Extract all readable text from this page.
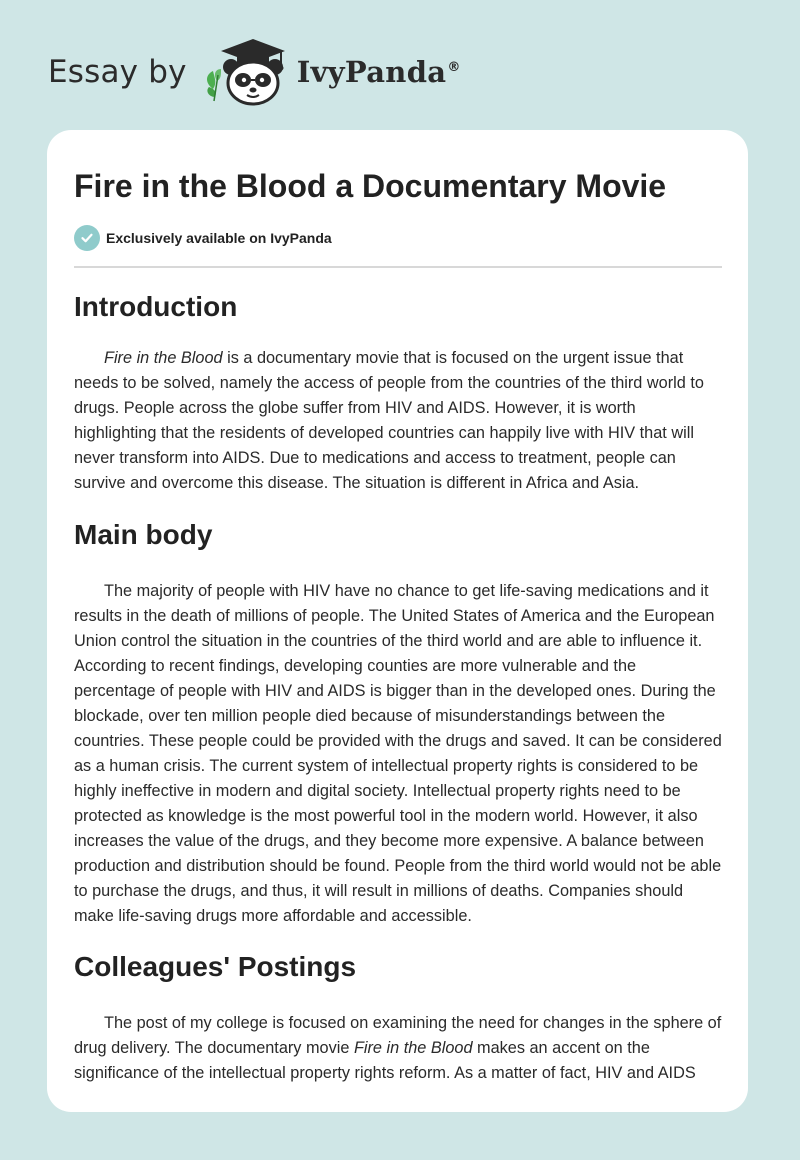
Essay by	IvyPanda®
Fire in the Blood a Documentary Movie
Exclusively available on IvyPanda
Introduction

Fire in the Blood is a documentary movie that is focused on the urgent issue that needs to be solved, namely the access of people from the countries of the third world to drugs. People across the globe suffer from HIV and AIDS. However, it is worth highlighting that the residents of developed countries can happily live with HIV that will never transform into AIDS. Due to medications and access to treatment, people can survive and overcome this disease. The situation is different in Africa and Asia.

Main body

The majority of people with HIV have no chance to get life-saving medications and it results in the death of millions of people. The United States of America and the European Union control the situation in the countries of the third world and are able to influence it. According to recent findings, developing counties are more vulnerable and the percentage of people with HIV and AIDS is bigger than in the developed ones. During the blockade, over ten million people died because of misunderstandings between the countries. These people could be provided with the drugs and saved. It can be considered as a human crisis. The current system of intellectual property rights is considered to be highly ineffective in modern and digital society. Intellectual property rights need to be protected as knowledge is the most powerful tool in the modern world. However, it also increases the value of the drugs, and they become more expensive. A balance between production and distribution should be found. People from the third world would not be able to purchase the drugs, and thus, it will result in millions of deaths. Companies should make life-saving drugs more affordable and accessible.

Colleagues' Postings

The post of my college is focused on examining the need for changes in the sphere of drug delivery. The documentary movie Fire in the Blood makes an accent on the significance of the intellectual property rights reform. As a matter of fact, HIV and AIDS
